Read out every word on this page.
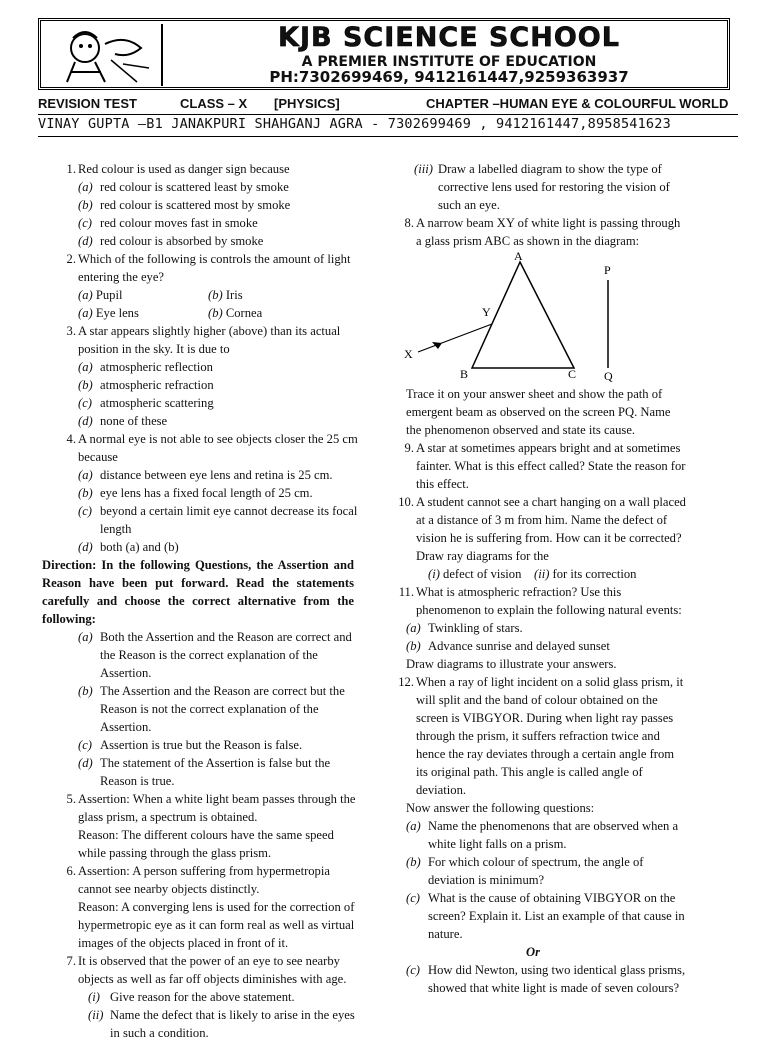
KJB SCIENCE SCHOOL
A PREMIER INSTITUTE OF EDUCATION
PH:7302699469, 9412161447,9259363937
REVISION TEST	CLASS – X [PHYSICS]	CHAPTER –HUMAN EYE & COLOURFUL WORLD
VINAY GUPTA –B1 JANAKPURI SHAHGANJ AGRA - 7302699469 , 9412161447,8958541623
1. Red colour is used as danger sign because
(a) red colour is scattered least by smoke
(b) red colour is scattered most by smoke
(c) red colour moves fast in smoke
(d) red colour is absorbed by smoke
2. Which of the following is controls the amount of light entering the eye?
(a) Pupil	(b) Iris
(a) Eye lens	(b) Cornea
3. A star appears slightly higher (above) than its actual position in the sky. It is due to
(a) atmospheric reflection
(b) atmospheric refraction
(c) atmospheric scattering
(d) none of these
4. A normal eye is not able to see objects closer the 25 cm because
(a) distance between eye lens and retina is 25 cm.
(b) eye lens has a fixed focal length of 25 cm.
(c) beyond a certain limit eye cannot decrease its focal length
(d) both (a) and (b)
Direction: In the following Questions, the Assertion and Reason have been put forward. Read the statements carefully and choose the correct alternative from the following:
(a) Both the Assertion and the Reason are correct and the Reason is the correct explanation of the Assertion.
(b) The Assertion and the Reason are correct but the Reason is not the correct explanation of the Assertion.
(c) Assertion is true but the Reason is false.
(d) The statement of the Assertion is false but the Reason is true.
5. Assertion: When a white light beam passes through the glass prism, a spectrum is obtained.
Reason: The different colours have the same speed while passing through the glass prism.
6. Assertion: A person suffering from hypermetropia cannot see nearby objects distinctly.
Reason: A converging lens is used for the correction of hypermetropic eye as it can form real as well as virtual images of the objects placed in front of it.
7. It is observed that the power of an eye to see nearby objects as well as far off objects diminishes with age.
(i) Give reason for the above statement.
(ii) Name the defect that is likely to arise in the eyes in such a condition.
(iii) Draw a labelled diagram to show the type of corrective lens used for restoring the vision of such an eye.
8. A narrow beam XY of white light is passing through a glass prism ABC as shown in the diagram:
A
B	C
X
Y
P
Q
Trace it on your answer sheet and show the path of emergent beam as observed on the screen PQ. Name the phenomenon observed and state its cause.
9. A star at sometimes appears bright and at sometimes fainter. What is this effect called? State the reason for this effect.
10. A student cannot see a chart hanging on a wall placed at a distance of 3 m from him. Name the defect of vision he is suffering from. How can it be corrected? Draw ray diagrams for the
(i) defect of vision (ii) for its correction
11. What is atmospheric refraction? Use this phenomenon to explain the following natural events:
(a) Twinkling of stars.
(b) Advance sunrise and delayed sunset
Draw diagrams to illustrate your answers.
12. When a ray of light incident on a solid glass prism, it will split and the band of colour obtained on the screen is VIBGYOR. During when light ray passes through the prism, it suffers refraction twice and hence the ray deviates through a certain angle from its original path. This angle is called angle of deviation.
Now answer the following questions:
(a) Name the phenomenons that are observed when a white light falls on a prism.
(b) For which colour of spectrum, the angle of deviation is minimum?
(c) What is the cause of obtaining VIBGYOR on the screen? Explain it. List an example of that cause in nature.
Or
(c) How did Newton, using two identical glass prisms, showed that white light is made of seven colours?
